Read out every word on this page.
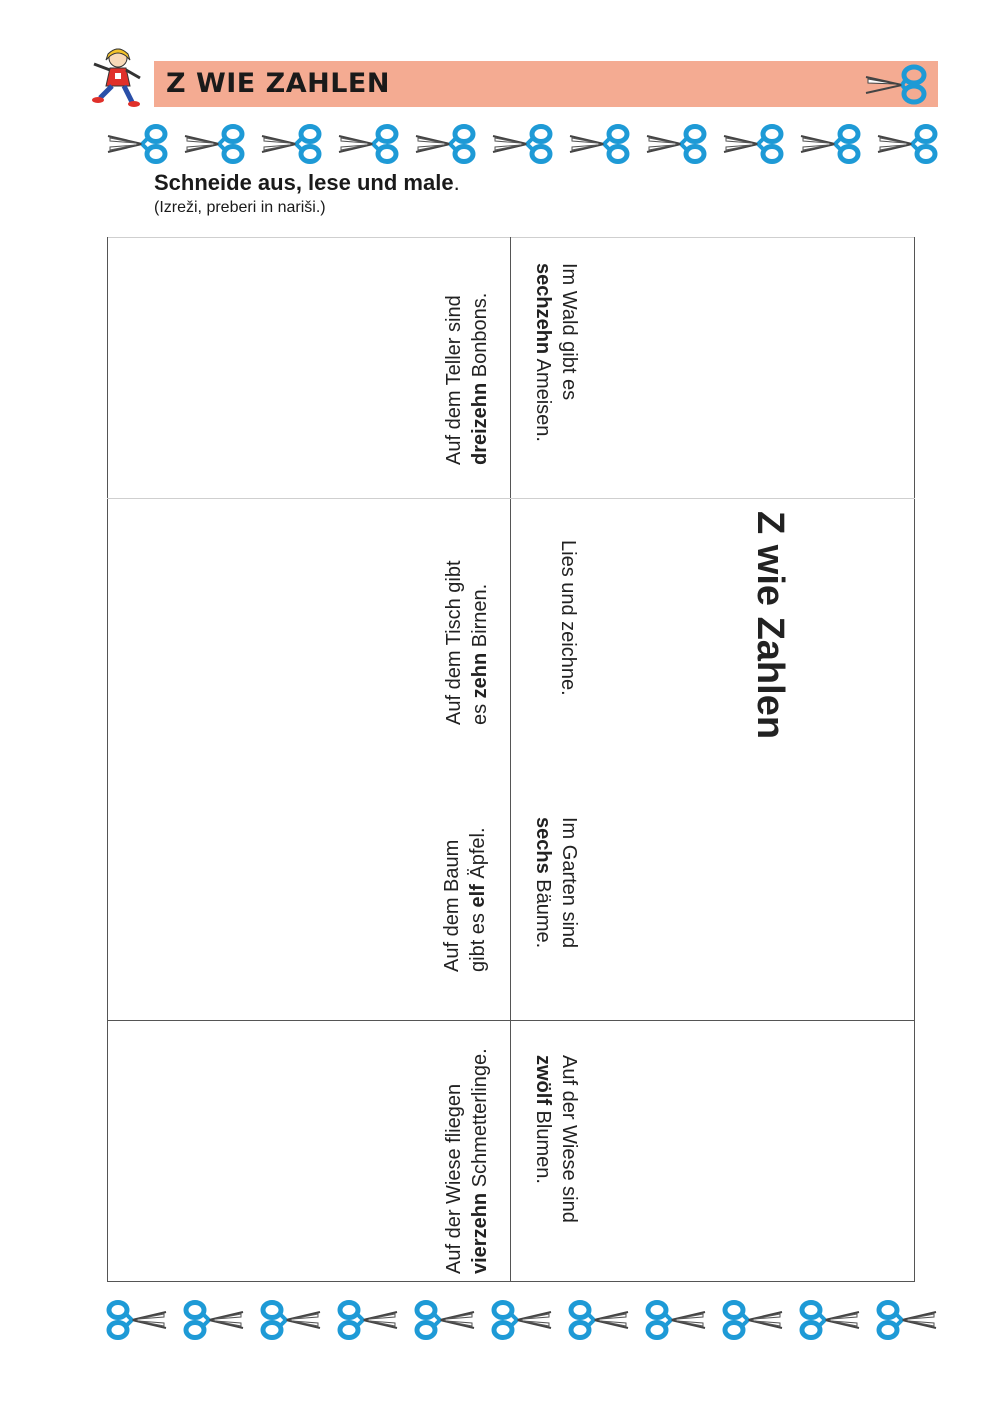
Z WIE ZAHLEN
Schneide aus, lese und male.
(Izreži, preberi in nariši.)
Auf dem Teller sind dreizehn Bonbons.
Auf dem Tisch gibt es zehn Birnen.
Auf dem Baum gibt es elf Äpfel.
Auf der Wiese fliegen vierzehn Schmetterlinge.
Im Wald gibt es
sechzehn Ameisen.
Lies und zeichne.	Z wie Zahlen
Im Garten sind
sechs Bäume.
Auf der Wiese sind
zwölf Blumen.
